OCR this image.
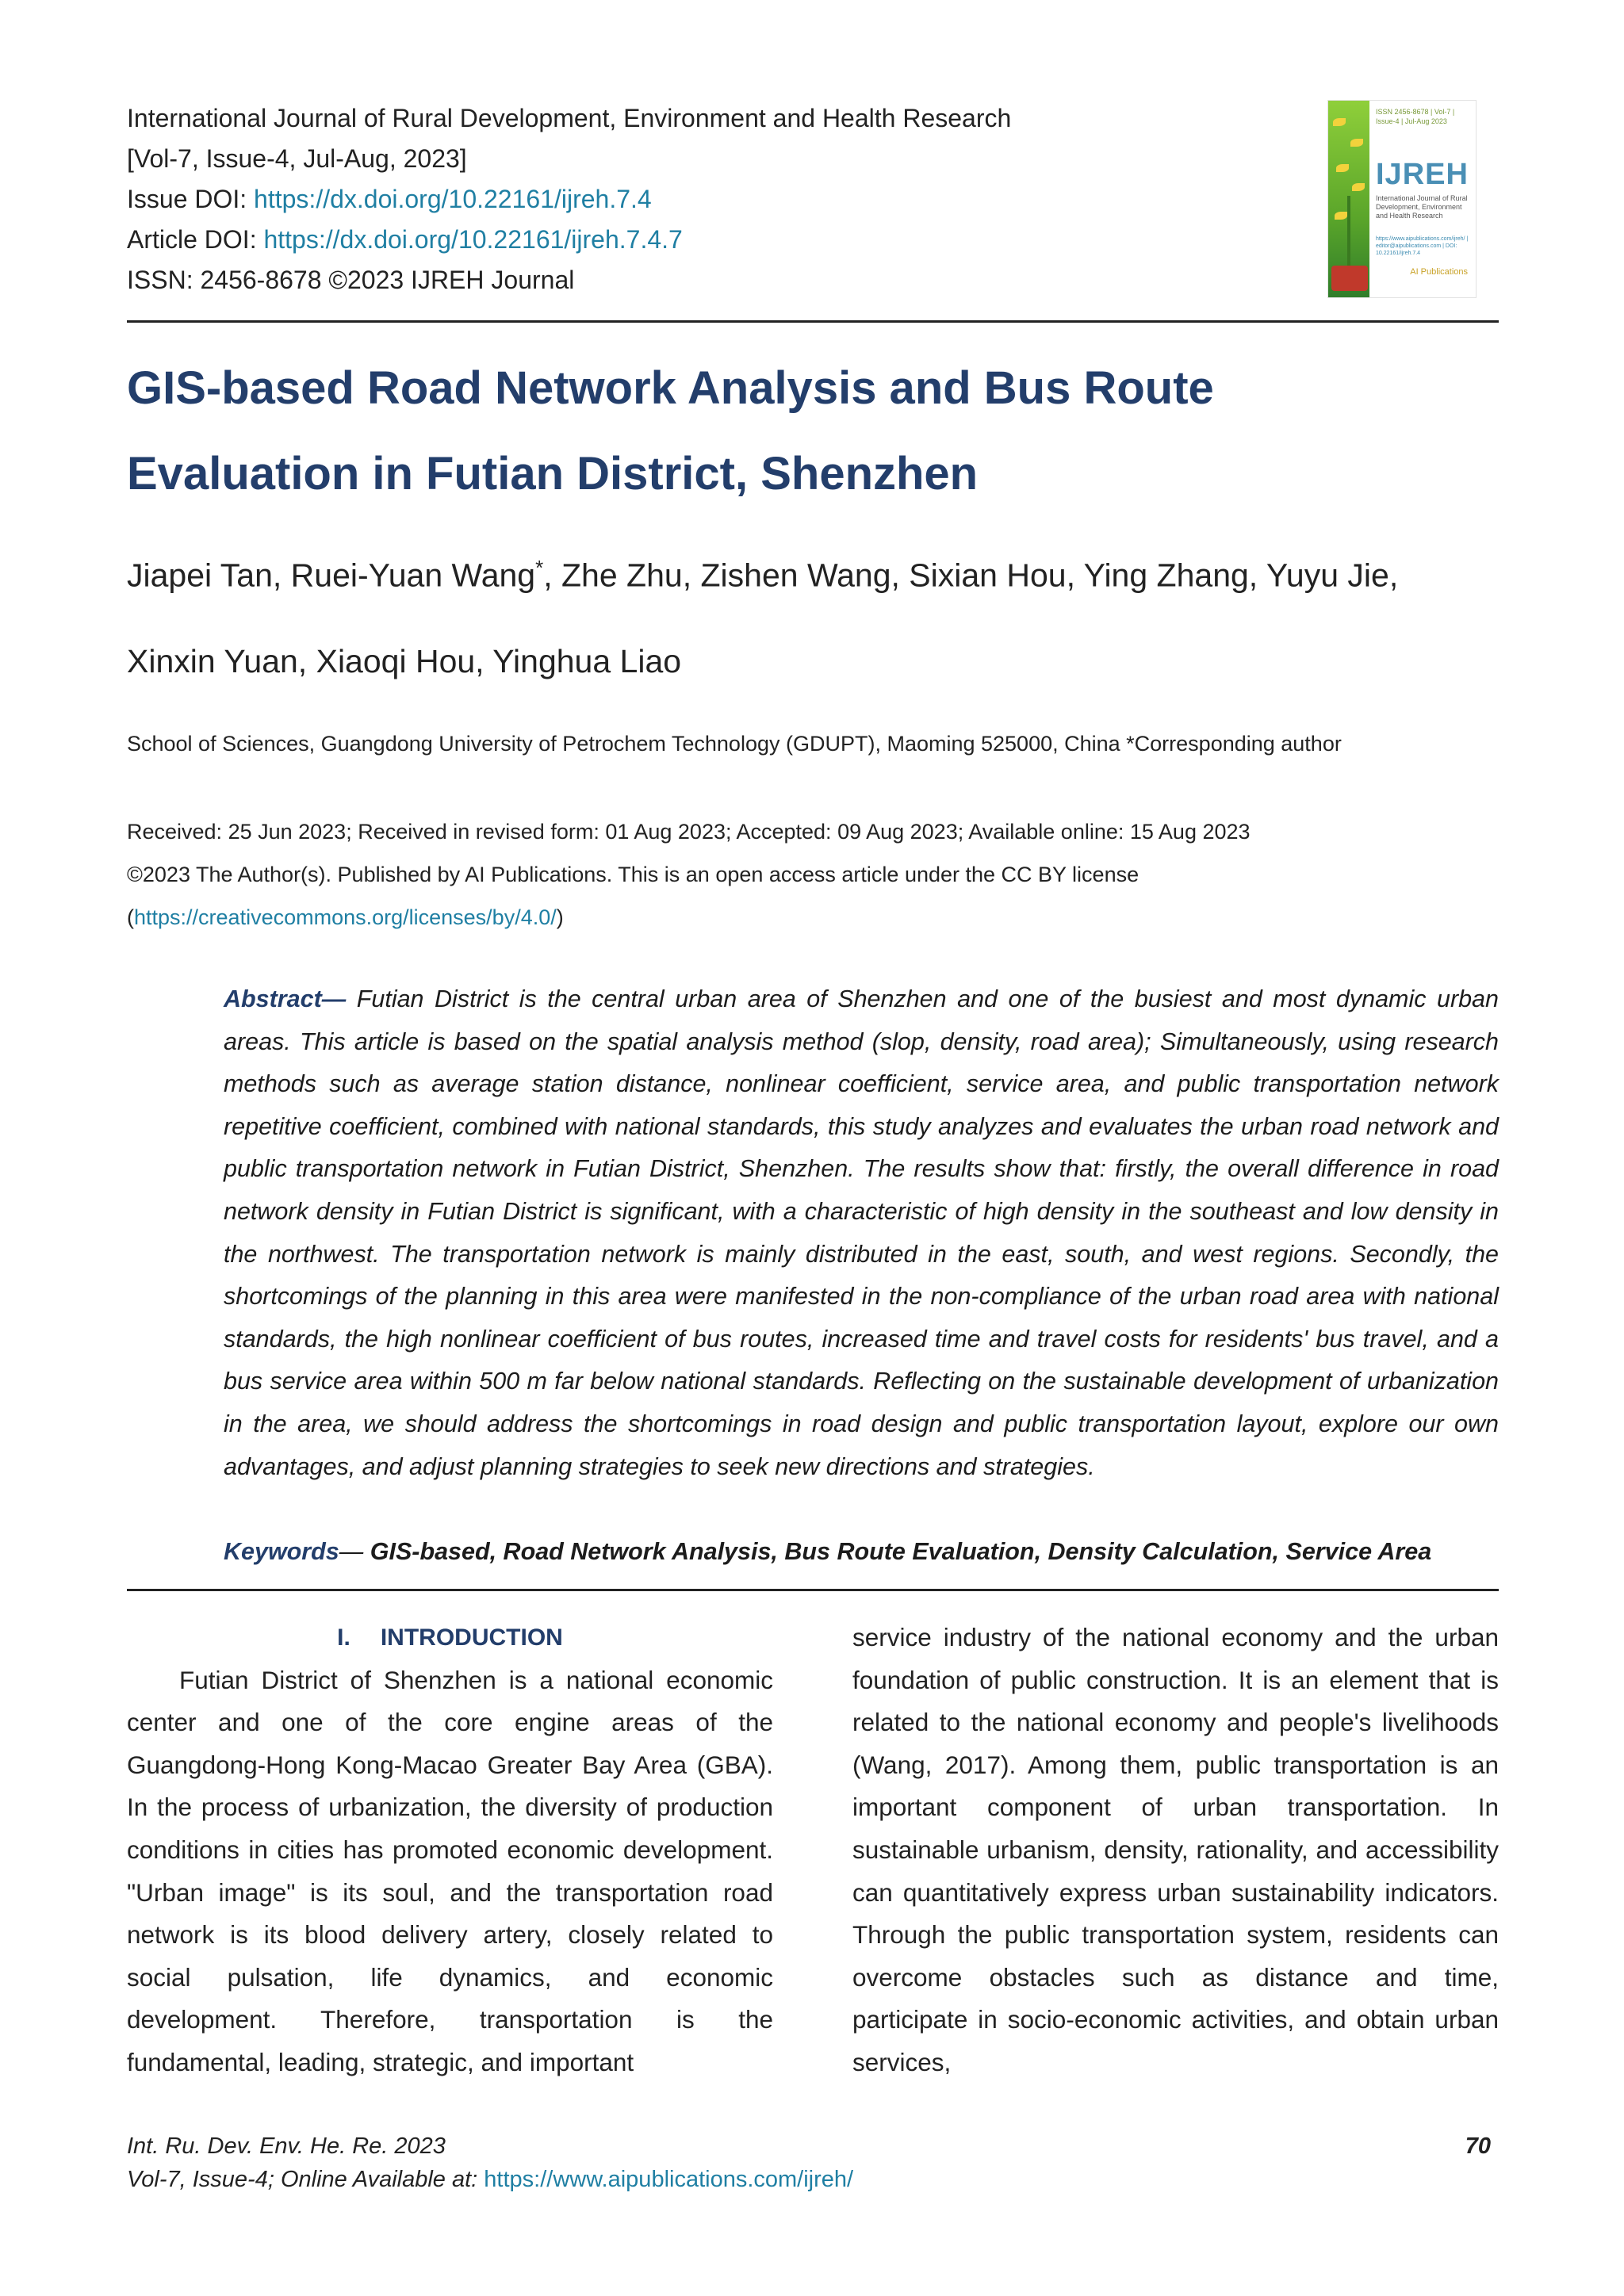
International Journal of Rural Development, Environment and Health Research
[Vol-7, Issue-4, Jul-Aug, 2023]
Issue DOI: https://dx.doi.org/10.22161/ijreh.7.4
Article DOI: https://dx.doi.org/10.22161/ijreh.7.4.7
ISSN: 2456-8678 ©2023 IJREH Journal
ISSN 2456-8678 | Vol-7 | Issue-4 | Jul-Aug 2023
IJREH
International Journal of Rural Development, Environment and Health Research
https://www.aipublications.com/ijreh/ | editor@aipublications.com | DOI: 10.22161/ijreh.7.4
AI Publications
GIS-based Road Network Analysis and Bus Route
Evaluation in Futian District, Shenzhen
Jiapei Tan, Ruei-Yuan Wang*, Zhe Zhu, Zishen Wang, Sixian Hou, Ying Zhang, Yuyu Jie,
Xinxin Yuan, Xiaoqi Hou, Yinghua Liao
School of Sciences, Guangdong University of Petrochem Technology (GDUPT), Maoming 525000, China *Corresponding author
Received: 25 Jun 2023; Received in revised form: 01 Aug 2023; Accepted: 09 Aug 2023; Available online: 15 Aug 2023
©2023 The Author(s). Published by AI Publications. This is an open access article under the CC BY license
(https://creativecommons.org/licenses/by/4.0/)
Abstract— Futian District is the central urban area of Shenzhen and one of the busiest and most dynamic urban areas. This article is based on the spatial analysis method (slop, density, road area); Simultaneously, using research methods such as average station distance, nonlinear coefficient, service area, and public transportation network repetitive coefficient, combined with national standards, this study analyzes and evaluates the urban road network and public transportation network in Futian District, Shenzhen. The results show that: firstly, the overall difference in road network density in Futian District is significant, with a characteristic of high density in the southeast and low density in the northwest. The transportation network is mainly distributed in the east, south, and west regions. Secondly, the shortcomings of the planning in this area were manifested in the non-compliance of the urban road area with national standards, the high nonlinear coefficient of bus routes, increased time and travel costs for residents' bus travel, and a bus service area within 500 m far below national standards. Reflecting on the sustainable development of urbanization in the area, we should address the shortcomings in road design and public transportation layout, explore our own advantages, and adjust planning strategies to seek new directions and strategies.
Keywords— GIS-based, Road Network Analysis, Bus Route Evaluation, Density Calculation, Service Area
I. INTRODUCTION
Futian District of Shenzhen is a national economic center and one of the core engine areas of the Guangdong-Hong Kong-Macao Greater Bay Area (GBA). In the process of urbanization, the diversity of production conditions in cities has promoted economic development. "Urban image" is its soul, and the transportation road network is its blood delivery artery, closely related to social pulsation, life dynamics, and economic development. Therefore, transportation is the fundamental, leading, strategic, and important
service industry of the national economy and the urban foundation of public construction. It is an element that is related to the national economy and people's livelihoods (Wang, 2017). Among them, public transportation is an important component of urban transportation. In sustainable urbanism, density, rationality, and accessibility can quantitatively express urban sustainability indicators. Through the public transportation system, residents can overcome obstacles such as distance and time, participate in socio-economic activities, and obtain urban services,
Int. Ru. Dev. Env. He. Re. 2023
Vol-7, Issue-4; Online Available at: https://www.aipublications.com/ijreh/
70
